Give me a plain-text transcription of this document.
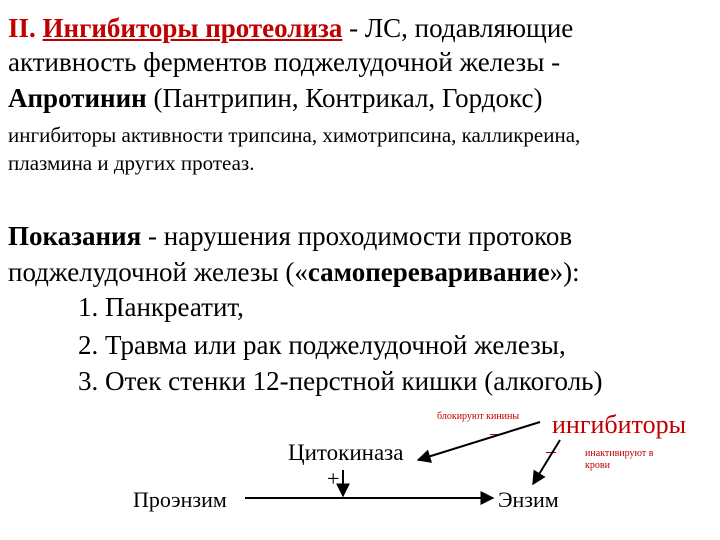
II. Ингибиторы протеолиза - ЛС, подавляющие
активность ферментов поджелудочной железы -
Апротинин (Пантрипин, Контрикал, Гордокс)
ингибиторы активности трипсина, химотрипсина, калликреина,
плазмина и других протеаз.
Показания - нарушения проходимости протоков
поджелудочной железы («самопереваривание»):
1. Панкреатит,
2. Травма или рак поджелудочной железы,
3. Отек стенки 12-перстной кишки (алкоголь)
блокируют кинины
– ингибиторы
–	инактивируют в крови
Цитокиназа
+
Проэнзим	Энзим
